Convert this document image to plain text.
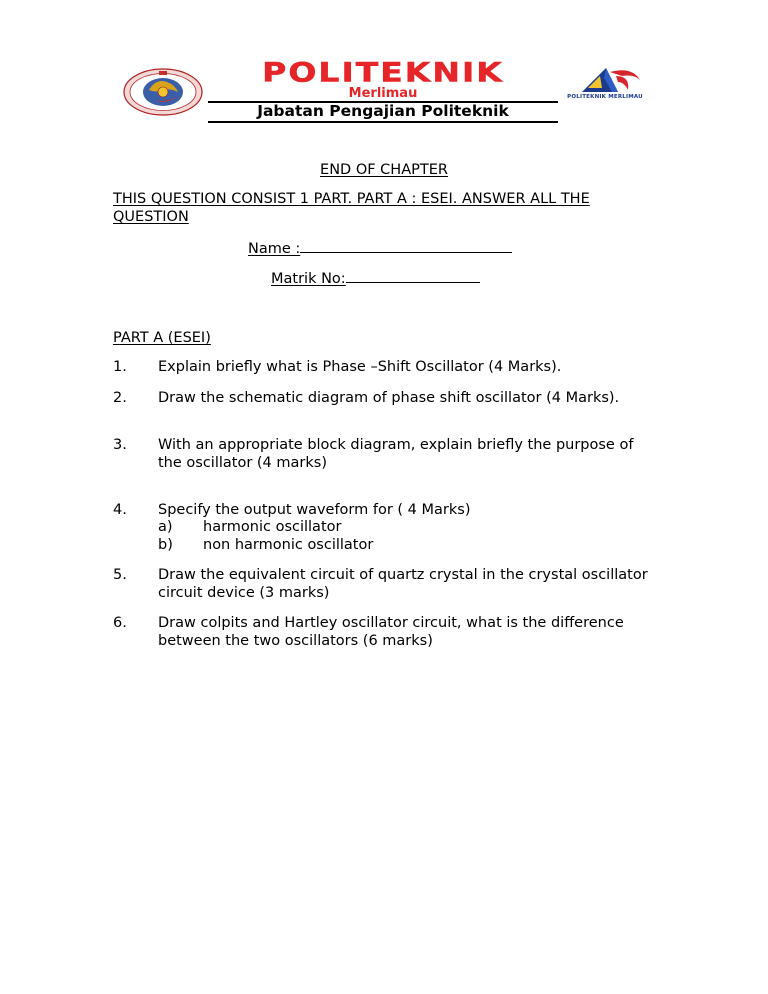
POLITEKNIK
Merlimau
Jabatan Pengajian Politeknik
POLITEKNIK MERLIMAU
END OF CHAPTER
THIS QUESTION CONSIST 1 PART. PART A : ESEI. ANSWER ALL THE QUESTION
Name :
Matrik No:
PART A (ESEI)
1.	Explain briefly what is Phase –Shift Oscillator (4 Marks).
2.	Draw the schematic diagram of phase shift oscillator (4 Marks).
3.	With an appropriate block diagram, explain briefly the purpose of the oscillator (4 marks)
4.	Specify the output waveform for ( 4 Marks)
a) harmonic oscillator
b) non harmonic oscillator
5.	Draw the equivalent circuit of quartz crystal in the crystal oscillator circuit device (3 marks)
6.	Draw colpits and Hartley oscillator circuit, what is the difference between the two oscillators (6 marks)
